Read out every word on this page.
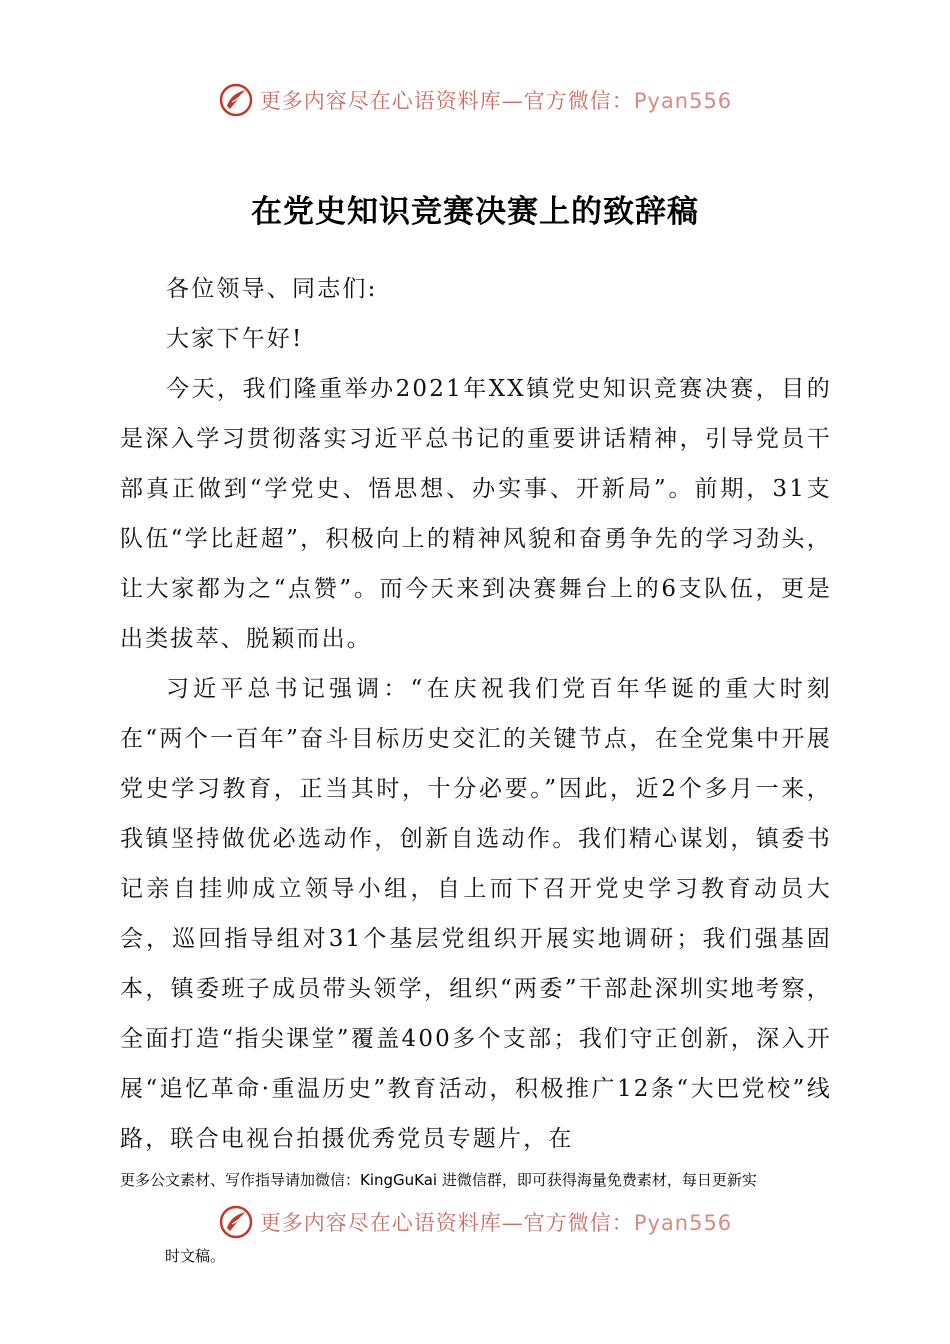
更多内容尽在心语资料库—官方微信：Pyan556
在党史知识竞赛决赛上的致辞稿

各位领导、同志们:

大家下午好!

今天，我们隆重举办2021年XX镇党史知识竞赛决赛，目的是深入学习贯彻落实习近平总书记的重要讲话精神，引导党员干部真正做到“学党史、悟思想、办实事、开新局”。前期，31支队伍“学比赶超”，积极向上的精神风貌和奋勇争先的学习劲头，让大家都为之“点赞”。而今天来到决赛舞台上的6支队伍，更是出类拔萃、脱颖而出。

习近平总书记强调：“在庆祝我们党百年华诞的重大时刻在“两个一百年”奋斗目标历史交汇的关键节点，在全党集中开展党史学习教育，正当其时，十分必要。”因此，近2个多月一来，我镇坚持做优必选动作，创新自选动作。我们精心谋划，镇委书记亲自挂帅成立领导小组，自上而下召开党史学习教育动员大会，巡回指导组对31个基层党组织开展实地调研；我们强基固本，镇委班子成员带头领学，组织“两委”干部赴深圳实地考察，全面打造“指尖课堂”覆盖400多个支部；我们守正创新，深入开展“追忆革命·重温历史”教育活动，积极推广12条“大巴党校”线路，联合电视台拍摄优秀党员专题片，在

更多公文素材、写作指导请加微信：KingGuKai 进微信群，即可获得海量免费素材，每日更新实
更多内容尽在心语资料库—官方微信：Pyan556
时文稿。
